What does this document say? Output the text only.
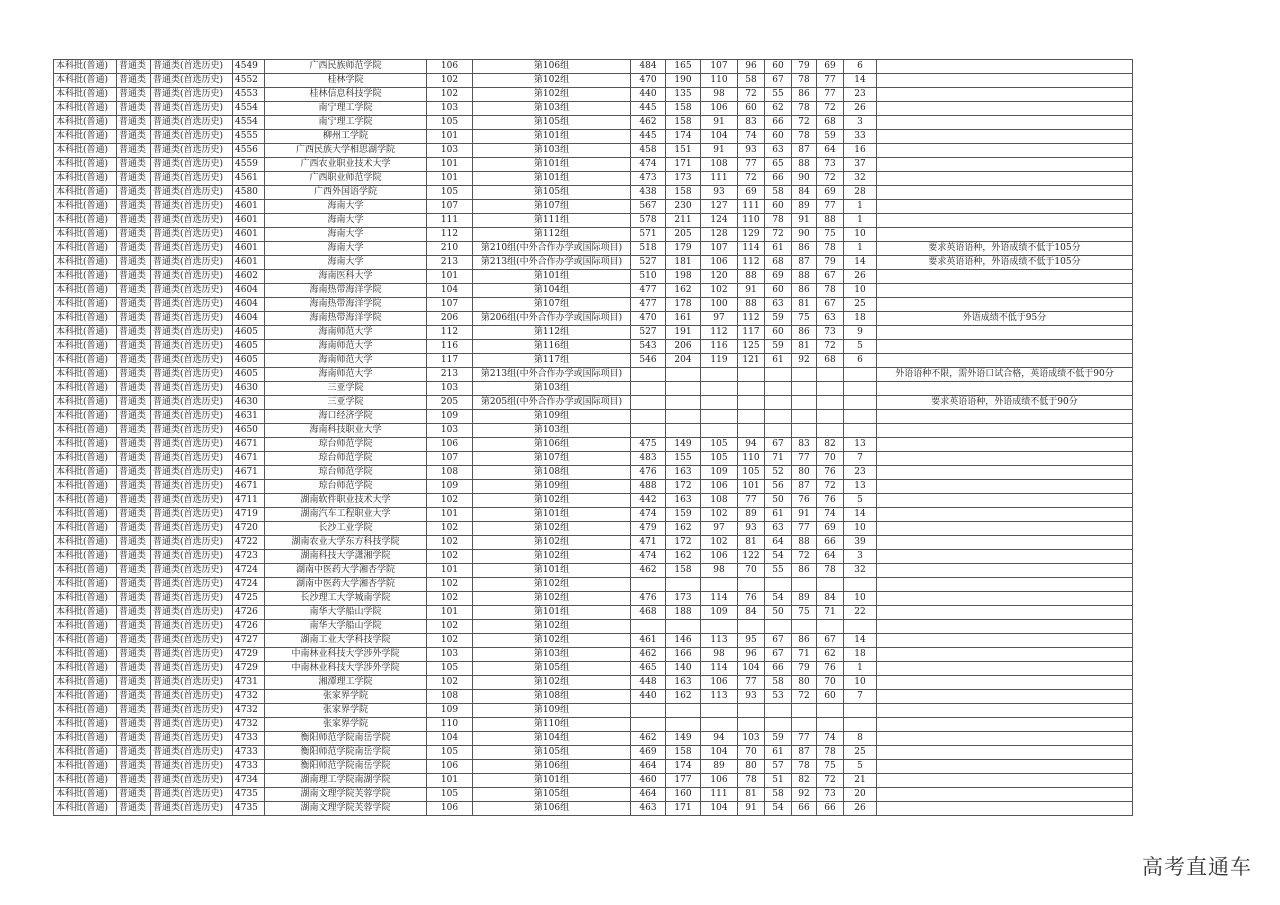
本科批(普通)	普通类	普通类(首选历史)	4549	广西民族师范学院	106	第106组	484	165	107	96	60	79	69	6	
本科批(普通)	普通类	普通类(首选历史)	4552	桂林学院	102	第102组	470	190	110	58	67	78	77	14	
本科批(普通)	普通类	普通类(首选历史)	4553	桂林信息科技学院	102	第102组	440	135	98	72	55	86	77	23	
本科批(普通)	普通类	普通类(首选历史)	4554	南宁理工学院	103	第103组	445	158	106	60	62	78	72	26	
本科批(普通)	普通类	普通类(首选历史)	4554	南宁理工学院	105	第105组	462	158	91	83	66	72	68	3	
本科批(普通)	普通类	普通类(首选历史)	4555	柳州工学院	101	第101组	445	174	104	74	60	78	59	33	
本科批(普通)	普通类	普通类(首选历史)	4556	广西民族大学相思湖学院	103	第103组	458	151	91	93	63	87	64	16	
本科批(普通)	普通类	普通类(首选历史)	4559	广西农业职业技术大学	101	第101组	474	171	108	77	65	88	73	37	
本科批(普通)	普通类	普通类(首选历史)	4561	广西职业师范学院	101	第101组	473	173	111	72	66	90	72	32	
本科批(普通)	普通类	普通类(首选历史)	4580	广西外国语学院	105	第105组	438	158	93	69	58	84	69	28	
本科批(普通)	普通类	普通类(首选历史)	4601	海南大学	107	第107组	567	230	127	111	60	89	77	1	
本科批(普通)	普通类	普通类(首选历史)	4601	海南大学	111	第111组	578	211	124	110	78	91	88	1	
本科批(普通)	普通类	普通类(首选历史)	4601	海南大学	112	第112组	571	205	128	129	72	90	75	10	
本科批(普通)	普通类	普通类(首选历史)	4601	海南大学	210	第210组(中外合作办学或国际项目)	518	179	107	114	61	86	78	1	要求英语语种，外语成绩不低于105分
本科批(普通)	普通类	普通类(首选历史)	4601	海南大学	213	第213组(中外合作办学或国际项目)	527	181	106	112	68	87	79	14	要求英语语种，外语成绩不低于105分
本科批(普通)	普通类	普通类(首选历史)	4602	海南医科大学	101	第101组	510	198	120	88	69	88	67	26	
本科批(普通)	普通类	普通类(首选历史)	4604	海南热带海洋学院	104	第104组	477	162	102	91	60	86	78	10	
本科批(普通)	普通类	普通类(首选历史)	4604	海南热带海洋学院	107	第107组	477	178	100	88	63	81	67	25	
本科批(普通)	普通类	普通类(首选历史)	4604	海南热带海洋学院	206	第206组(中外合作办学或国际项目)	470	161	97	112	59	75	63	18	外语成绩不低于95分
本科批(普通)	普通类	普通类(首选历史)	4605	海南师范大学	112	第112组	527	191	112	117	60	86	73	9	
本科批(普通)	普通类	普通类(首选历史)	4605	海南师范大学	116	第116组	543	206	116	125	59	81	72	5	
本科批(普通)	普通类	普通类(首选历史)	4605	海南师范大学	117	第117组	546	204	119	121	61	92	68	6	
本科批(普通)	普通类	普通类(首选历史)	4605	海南师范大学	213	第213组(中外合作办学或国际项目)									外语语种不限，需外语口试合格，英语成绩不低于90分
本科批(普通)	普通类	普通类(首选历史)	4630	三亚学院	103	第103组									
本科批(普通)	普通类	普通类(首选历史)	4630	三亚学院	205	第205组(中外合作办学或国际项目)									要求英语语种，外语成绩不低于90分
本科批(普通)	普通类	普通类(首选历史)	4631	海口经济学院	109	第109组									
本科批(普通)	普通类	普通类(首选历史)	4650	海南科技职业大学	103	第103组									
本科批(普通)	普通类	普通类(首选历史)	4671	琼台师范学院	106	第106组	475	149	105	94	67	83	82	13	
本科批(普通)	普通类	普通类(首选历史)	4671	琼台师范学院	107	第107组	483	155	105	110	71	77	70	7	
本科批(普通)	普通类	普通类(首选历史)	4671	琼台师范学院	108	第108组	476	163	109	105	52	80	76	23	
本科批(普通)	普通类	普通类(首选历史)	4671	琼台师范学院	109	第109组	488	172	106	101	56	87	72	13	
本科批(普通)	普通类	普通类(首选历史)	4711	湖南软件职业技术大学	102	第102组	442	163	108	77	50	76	76	5	
本科批(普通)	普通类	普通类(首选历史)	4719	湖南汽车工程职业大学	101	第101组	474	159	102	89	61	91	74	14	
本科批(普通)	普通类	普通类(首选历史)	4720	长沙工业学院	102	第102组	479	162	97	93	63	77	69	10	
本科批(普通)	普通类	普通类(首选历史)	4722	湖南农业大学东方科技学院	102	第102组	471	172	102	81	64	88	66	39	
本科批(普通)	普通类	普通类(首选历史)	4723	湖南科技大学潇湘学院	102	第102组	474	162	106	122	54	72	64	3	
本科批(普通)	普通类	普通类(首选历史)	4724	湖南中医药大学湘杏学院	101	第101组	462	158	98	70	55	86	78	32	
本科批(普通)	普通类	普通类(首选历史)	4724	湖南中医药大学湘杏学院	102	第102组									
本科批(普通)	普通类	普通类(首选历史)	4725	长沙理工大学城南学院	102	第102组	476	173	114	76	54	89	84	10	
本科批(普通)	普通类	普通类(首选历史)	4726	南华大学船山学院	101	第101组	468	188	109	84	50	75	71	22	
本科批(普通)	普通类	普通类(首选历史)	4726	南华大学船山学院	102	第102组									
本科批(普通)	普通类	普通类(首选历史)	4727	湖南工业大学科技学院	102	第102组	461	146	113	95	67	86	67	14	
本科批(普通)	普通类	普通类(首选历史)	4729	中南林业科技大学涉外学院	103	第103组	462	166	98	96	67	71	62	18	
本科批(普通)	普通类	普通类(首选历史)	4729	中南林业科技大学涉外学院	105	第105组	465	140	114	104	66	79	76	1	
本科批(普通)	普通类	普通类(首选历史)	4731	湘潭理工学院	102	第102组	448	163	106	77	58	80	70	10	
本科批(普通)	普通类	普通类(首选历史)	4732	张家界学院	108	第108组	440	162	113	93	53	72	60	7	
本科批(普通)	普通类	普通类(首选历史)	4732	张家界学院	109	第109组									
本科批(普通)	普通类	普通类(首选历史)	4732	张家界学院	110	第110组									
本科批(普通)	普通类	普通类(首选历史)	4733	衡阳师范学院南岳学院	104	第104组	462	149	94	103	59	77	74	8	
本科批(普通)	普通类	普通类(首选历史)	4733	衡阳师范学院南岳学院	105	第105组	469	158	104	70	61	87	78	25	
本科批(普通)	普通类	普通类(首选历史)	4733	衡阳师范学院南岳学院	106	第106组	464	174	89	80	57	78	75	5	
本科批(普通)	普通类	普通类(首选历史)	4734	湖南理工学院南湖学院	101	第101组	460	177	106	78	51	82	72	21	
本科批(普通)	普通类	普通类(首选历史)	4735	湖南文理学院芙蓉学院	105	第105组	464	160	111	81	58	92	73	20	
本科批(普通)	普通类	普通类(首选历史)	4735	湖南文理学院芙蓉学院	106	第106组	463	171	104	91	54	66	66	26	
高考直通车
